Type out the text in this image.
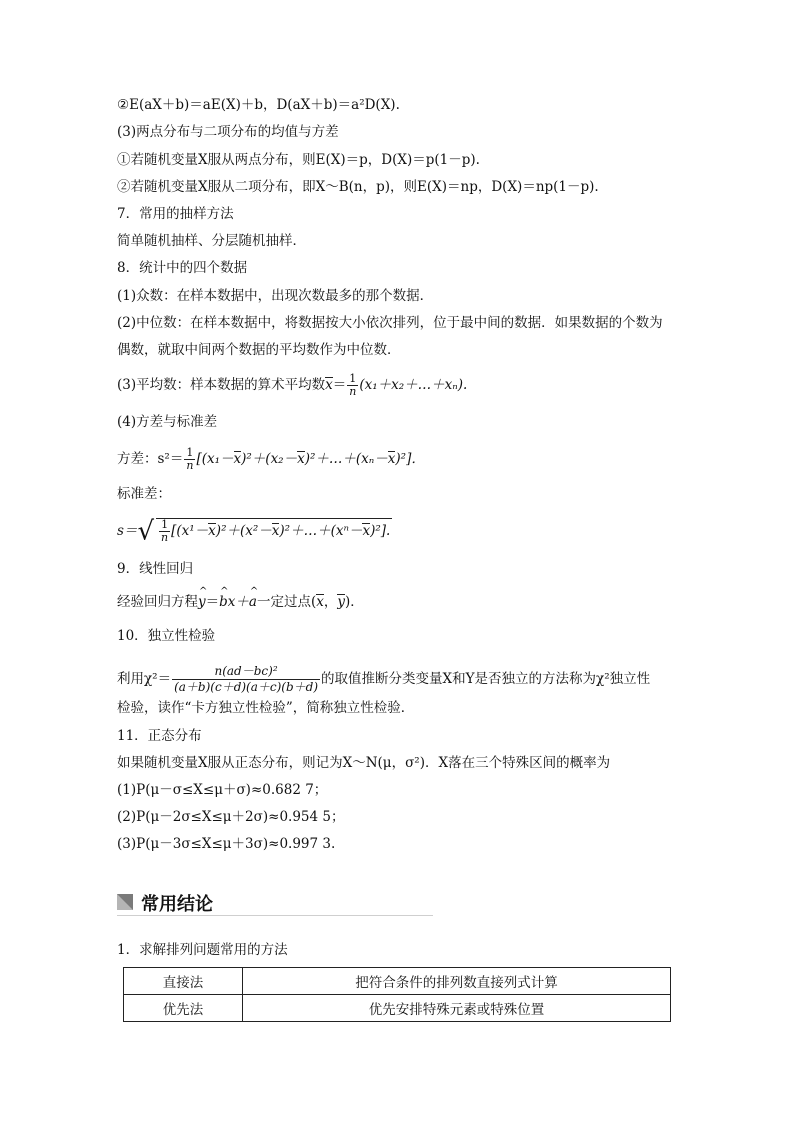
②E(aX＋b)＝aE(X)＋b，D(aX＋b)＝a²D(X).
(3)两点分布与二项分布的均值与方差
①若随机变量X服从两点分布，则E(X)＝p，D(X)＝p(1－p).
②若随机变量X服从二项分布，即X～B(n，p)，则E(X)＝np，D(X)＝np(1－p).
7．常用的抽样方法
简单随机抽样、分层随机抽样．
8．统计中的四个数据
(1)众数：在样本数据中，出现次数最多的那个数据．
(2)中位数：在样本数据中，将数据按大小依次排列，位于最中间的数据．如果数据的个数为
偶数，就取中间两个数据的平均数作为中位数．
(3)平均数：样本数据的算术平均数$x= \frac{1}{n}$ (x₁＋x₂＋…＋xₙ).
(4)方差与标准差
方差：$s^2= \frac{1}{n}$ [(x₁－x)²＋(x₂－x)²＋…＋(xₙ－x)²]．
标准差：
$s=√ \frac{1}{n}$ [(x¹－x)²＋(x²－x)²＋…＋(xⁿ－x)²].
9．线性回归
经验回归方程^ y＝^ bx＋^ a一定过点(x，y)．
10．独立性检验
利用$\chi^2= \frac{\text{n(ad－bc)²}}{(a+b)(c+d)(a+c)(b+d)}$ 的取值推断分类变量X和Y是否独立的方法称为χ²独立性
检验，读作“卡方独立性检验”，简称独立性检验．
11．正态分布
如果随机变量X服从正态分布，则记为X～N(μ，σ²)．X落在三个特殊区间的概率为
(1)P(μ－σ≤X≤μ＋σ)≈0.682 7；
(2)P(μ－2σ≤X≤μ＋2σ)≈0.954 5；
(3)P(μ－3σ≤X≤μ＋3σ)≈0.997 3.
常用结论
1．求解排列问题常用的方法
直接法	把符合条件的排列数直接列式计算
优先法	优先安排特殊元素或特殊位置
